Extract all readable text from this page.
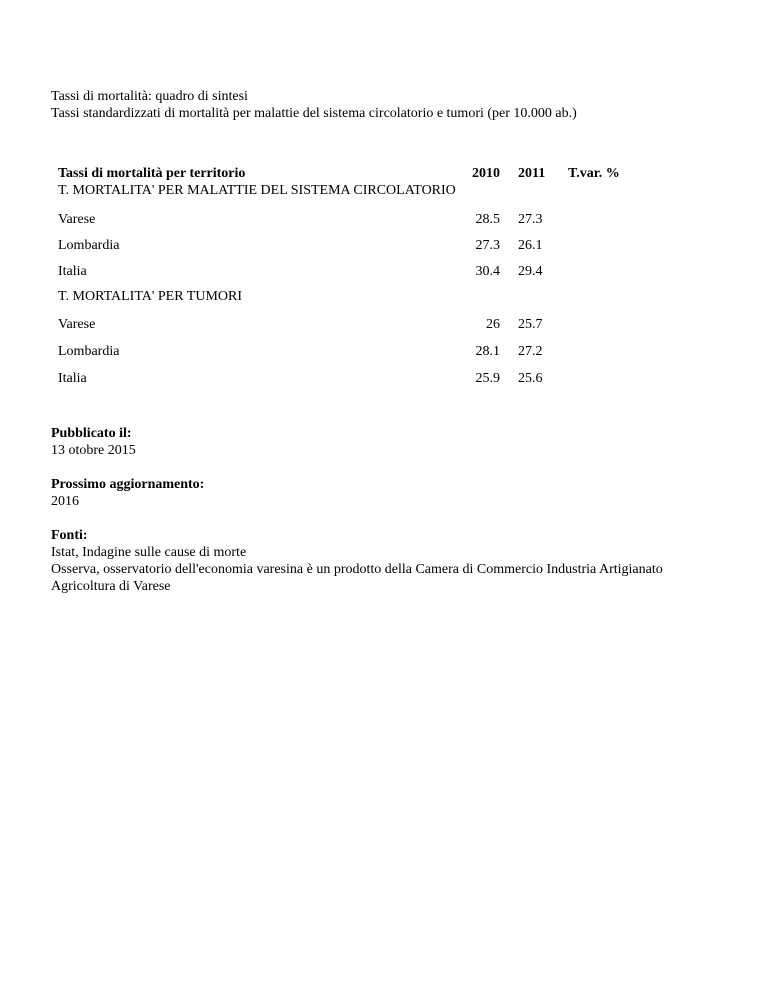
Tassi di mortalità: quadro di sintesi
Tassi standardizzati di mortalità per malattie del sistema circolatorio e tumori (per 10.000 ab.)
Tassi di mortalità per territorio	2010 2011 T.var. %
T. MORTALITA' PER MALATTIE DEL SISTEMA CIRCOLATORIO
Varese	28.5 27.3
Lombardia	27.3 26.1
Italia	30.4 29.4
T. MORTALITA' PER TUMORI
Varese	26 25.7
Lombardia	28.1 27.2
Italia	25.9 25.6
Pubblicato il:
13 otobre 2015
Prossimo aggiornamento:
2016
Fonti:
Istat, Indagine sulle cause di morte
Osserva, osservatorio dell'economia varesina è un prodotto della Camera di Commercio Industria Artigianato
Agricoltura di Varese
